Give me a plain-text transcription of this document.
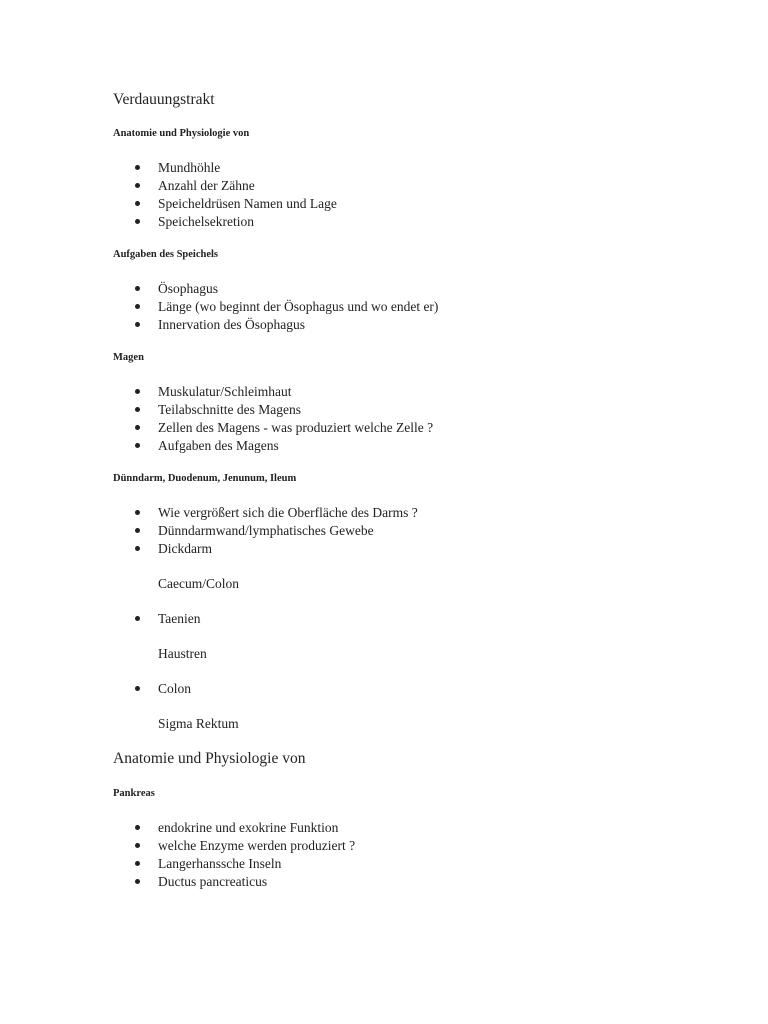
Verdauungstrakt
Anatomie und Physiologie von
Mundhöhle
Anzahl der Zähne
Speicheldrüsen Namen und Lage
Speichelsekretion
Aufgaben des Speichels
Ösophagus
Länge (wo beginnt der Ösophagus und wo endet er)
Innervation des Ösophagus
Magen
Muskulatur/Schleimhaut
Teilabschnitte des Magens
Zellen des Magens - was produziert welche Zelle ?
Aufgaben des Magens
Dünndarm, Duodenum, Jenunum, Ileum
Wie vergrößert sich die Oberfläche des Darms ?
Dünndarmwand/lymphatisches Gewebe
Dickdarm
Caecum/Colon
Taenien
Haustren
Colon
Sigma Rektum
Anatomie und Physiologie von
Pankreas
endokrine und exokrine Funktion
welche Enzyme werden produziert ?
Langerhanssche Inseln
Ductus pancreaticus
